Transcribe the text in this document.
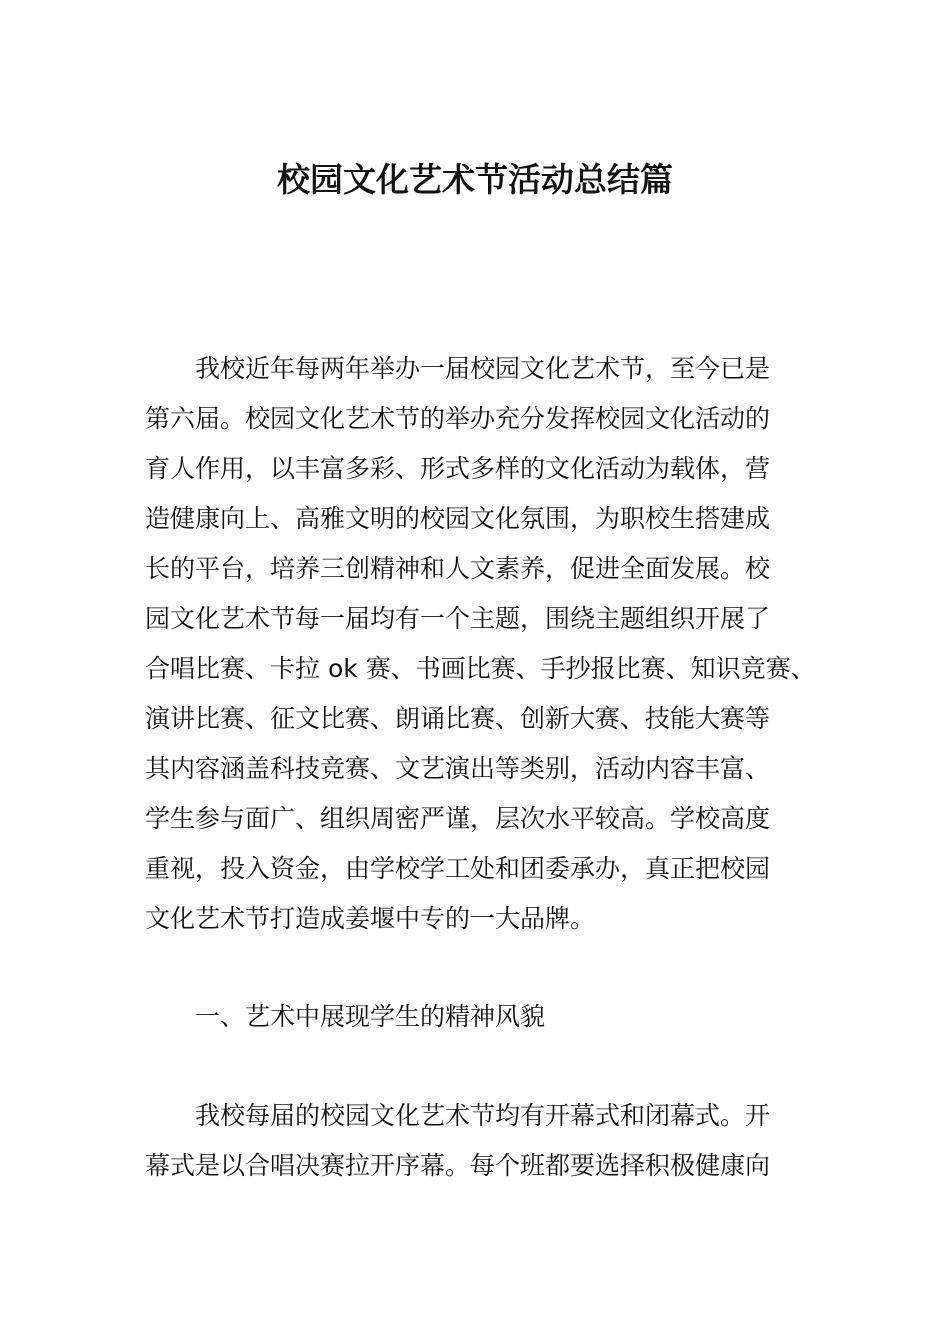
校园文化艺术节活动总结篇

我校近年每两年举办一届校园文化艺术节，至今已是

第六届。校园文化艺术节的举办充分发挥校园文化活动的

育人作用，以丰富多彩、形式多样的文化活动为载体，营

造健康向上、高雅文明的校园文化氛围，为职校生搭建成

长的平台，培养三创精神和人文素养，促进全面发展。校

园文化艺术节每一届均有一个主题，围绕主题组织开展了

合唱比赛、卡拉 ok 赛、书画比赛、手抄报比赛、知识竞赛、

演讲比赛、征文比赛、朗诵比赛、创新大赛、技能大赛等

其内容涵盖科技竞赛、文艺演出等类别，活动内容丰富、

学生参与面广、组织周密严谨，层次水平较高。学校高度

重视，投入资金，由学校学工处和团委承办，真正把校园

文化艺术节打造成姜堰中专的一大品牌。

一、艺术中展现学生的精神风貌

我校每届的校园文化艺术节均有开幕式和闭幕式。开

幕式是以合唱决赛拉开序幕。每个班都要选择积极健康向
